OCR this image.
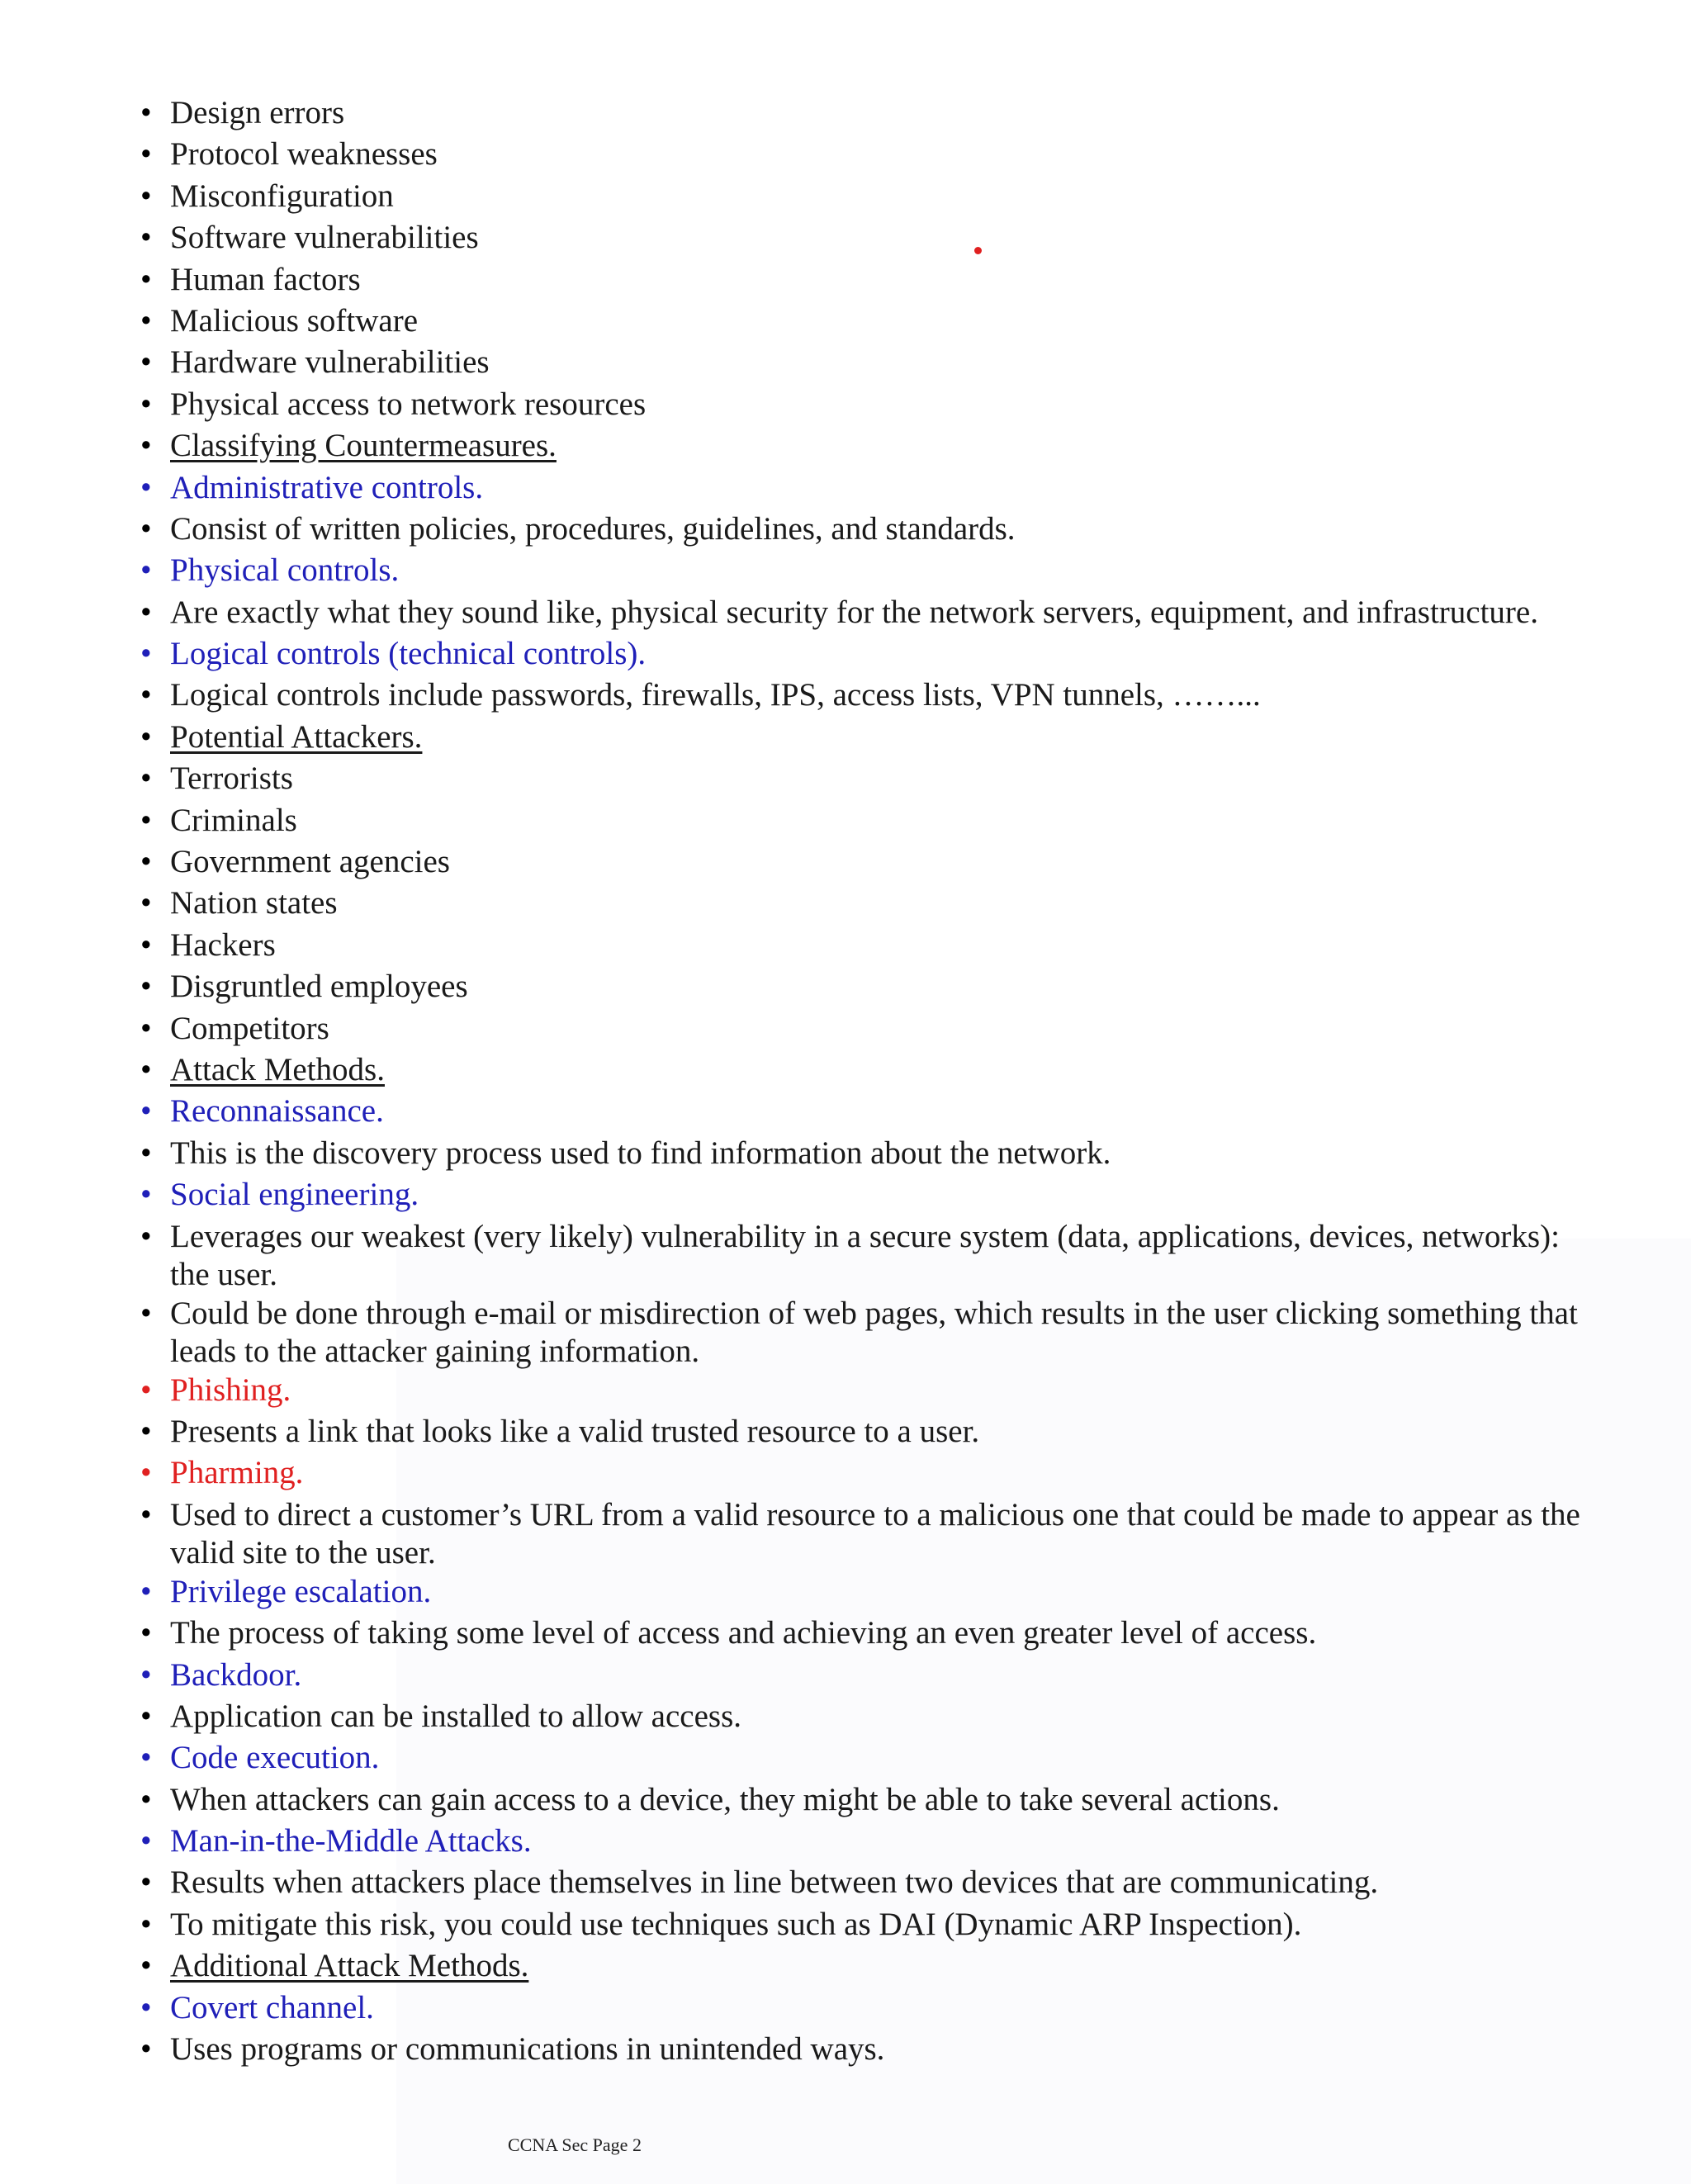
• Design errors
• Protocol weaknesses
• Misconfiguration
• Software vulnerabilities
• Human factors
• Malicious software
• Hardware vulnerabilities
• Physical access to network resources
• Classifying Countermeasures.
• Administrative controls.
• Consist of written policies, procedures, guidelines, and standards.
• Physical controls.
• Are exactly what they sound like, physical security for the network servers, equipment, and infrastructure.
• Logical controls (technical controls).
• Logical controls include passwords, firewalls, IPS, access lists, VPN tunnels, ……...
• Potential Attackers.
• Terrorists
• Criminals
• Government agencies
• Nation states
• Hackers
• Disgruntled employees
• Competitors
• Attack Methods.
• Reconnaissance.
• This is the discovery process used to find information about the network.
• Social engineering.
• Leverages our weakest (very likely) vulnerability in a secure system (data, applications, devices, networks):
the user.
• Could be done through e-mail or misdirection of web pages, which results in the user clicking something that
leads to the attacker gaining information.
• Phishing.
• Presents a link that looks like a valid trusted resource to a user.
• Pharming.
• Used to direct a customer’s URL from a valid resource to a malicious one that could be made to appear as the
valid site to the user.
• Privilege escalation.
• The process of taking some level of access and achieving an even greater level of access.
• Backdoor.
• Application can be installed to allow access.
• Code execution.
• When attackers can gain access to a device, they might be able to take several actions.
• Man-in-the-Middle Attacks.
• Results when attackers place themselves in line between two devices that are communicating.
• To mitigate this risk, you could use techniques such as DAI (Dynamic ARP Inspection).
• Additional Attack Methods.
• Covert channel.
• Uses programs or communications in unintended ways.
CCNA Sec Page 2
